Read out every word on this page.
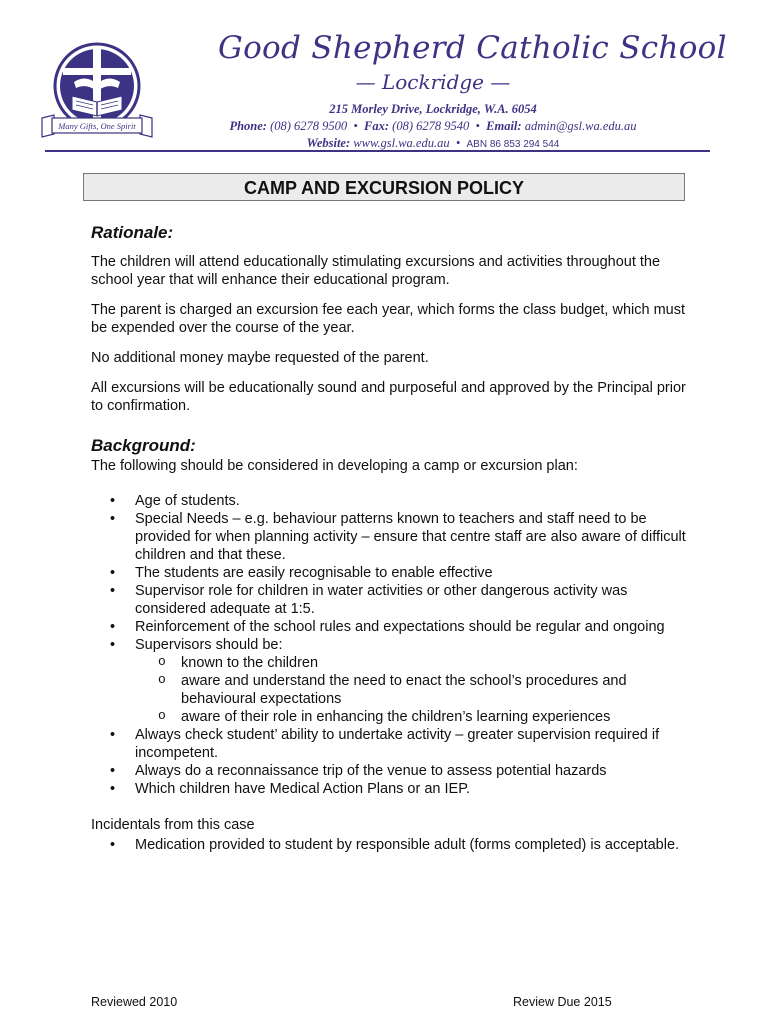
Many Gifts, One Spirit
Good Shepherd Catholic School
— Lockridge —
215 Morley Drive, Lockridge, W.A. 6054
Phone: (08) 6278 9500  •  Fax: (08) 6278 9540  •  Email: admin@gsl.wa.edu.au
Website: www.gsl.wa.edu.au  •  ABN 86 853 294 544
CAMP AND EXCURSION POLICY
Rationale:

The children will attend educationally stimulating excursions and activities throughout the school year that will enhance their educational program.

The parent is charged an excursion fee each year, which forms the class budget, which must be expended over the course of the year.

No additional money maybe requested of the parent.

All excursions will be educationally sound and purposeful and approved by the Principal prior to confirmation.

Background:

The following should be considered in developing a camp or excursion plan:

• Age of students.
• Special Needs – e.g. behaviour patterns known to teachers and staff need to be provided for when planning activity – ensure that centre staff are also aware of difficult children and that these.
• The students are easily recognisable to enable effective
• Supervisor role for children in water activities or other dangerous activity was considered adequate at 1:5.
• Reinforcement of the school rules and expectations should be regular and ongoing
• Supervisors should be:
o known to the children
o aware and understand the need to enact the school’s procedures and behavioural expectations
o aware of their role in enhancing the children’s learning experiences
• Always check student’ ability to undertake activity – greater supervision required if incompetent.
• Always do a reconnaissance trip of the venue to assess potential hazards
• Which children have Medical Action Plans or an IEP.

Incidentals from this case

• Medication provided to student by responsible adult (forms completed) is acceptable.
Reviewed 2010	Review Due 2015
